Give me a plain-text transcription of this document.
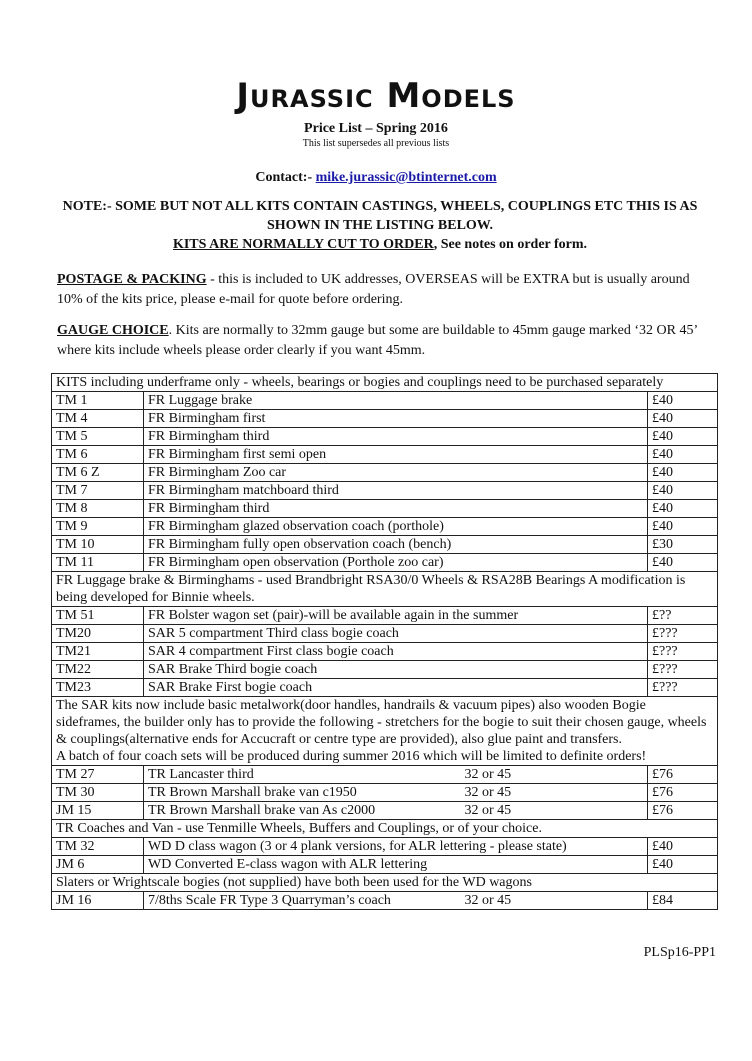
Jurassic Models
Price List – Spring 2016
This list supersedes all previous lists
Contact:- mike.jurassic@btinternet.com
NOTE:- SOME BUT NOT ALL KITS CONTAIN CASTINGS, WHEELS, COUPLINGS ETC THIS IS AS SHOWN IN THE LISTING BELOW.
KITS ARE NORMALLY CUT TO ORDER, See notes on order form.
POSTAGE & PACKING - this is included to UK addresses, OVERSEAS will be EXTRA but is usually around 10% of the kits price, please e-mail for quote before ordering.
GAUGE CHOICE. Kits are normally to 32mm gauge but some are buildable to 45mm gauge marked ‘32 OR 45’ where kits include wheels please order clearly if you want 45mm.
KITS including underframe only - wheels, bearings or bogies and couplings need to be purchased separately			
TM 1	FR Luggage brake		£40
TM 4	FR Birmingham first		£40
TM 5	FR Birmingham third		£40
TM 6	FR Birmingham first semi open		£40
TM 6 Z	FR Birmingham Zoo car		£40
TM 7	FR Birmingham matchboard third		£40
TM 8	FR Birmingham third		£40
TM 9	FR Birmingham glazed observation coach (porthole)		£40
TM 10	FR Birmingham fully open observation coach (bench)		£30
TM 11	FR Birmingham open observation (Porthole zoo car)		£40
FR Luggage brake & Birminghams - used Brandbright RSA30/0 Wheels & RSA28B Bearings A modification is being developed for Binnie wheels.			
TM 51	FR Bolster wagon set (pair)-will be available again in the summer		£??
TM20	SAR 5 compartment Third class bogie coach		£???
TM21	SAR 4 compartment First class bogie coach		£???
TM22	SAR Brake Third bogie coach		£???
TM23	SAR Brake First bogie coach		£???

The SAR kits now include basic metalwork(door handles, handrails & vacuum pipes) also wooden Bogie sideframes, the builder only has to provide the following - stretchers for the bogie to suit their chosen gauge, wheels & couplings(alternative ends for Accucraft or centre type are provided), also glue paint and transfers.
A batch of four coach sets will be produced during summer 2016 which will be limited to definite orders!			

TM 27	TR Lancaster third	32 or 45	£76
TM 30	TR Brown Marshall brake van c1950	32 or 45	£76
JM 15	TR Brown Marshall brake van As c2000	32 or 45	£76
TR Coaches and Van - use Tenmille Wheels, Buffers and Couplings, or of your choice.			
TM 32	WD D class wagon (3 or 4 plank versions, for ALR lettering - please state)		£40
JM 6	WD Converted E-class wagon with ALR lettering		£40
Slaters or Wrightscale bogies (not supplied) have both been used for the WD wagons			
JM 16	7/8ths Scale FR Type 3 Quarryman’s coach	32 or 45	£84
PLSp16-PP1
